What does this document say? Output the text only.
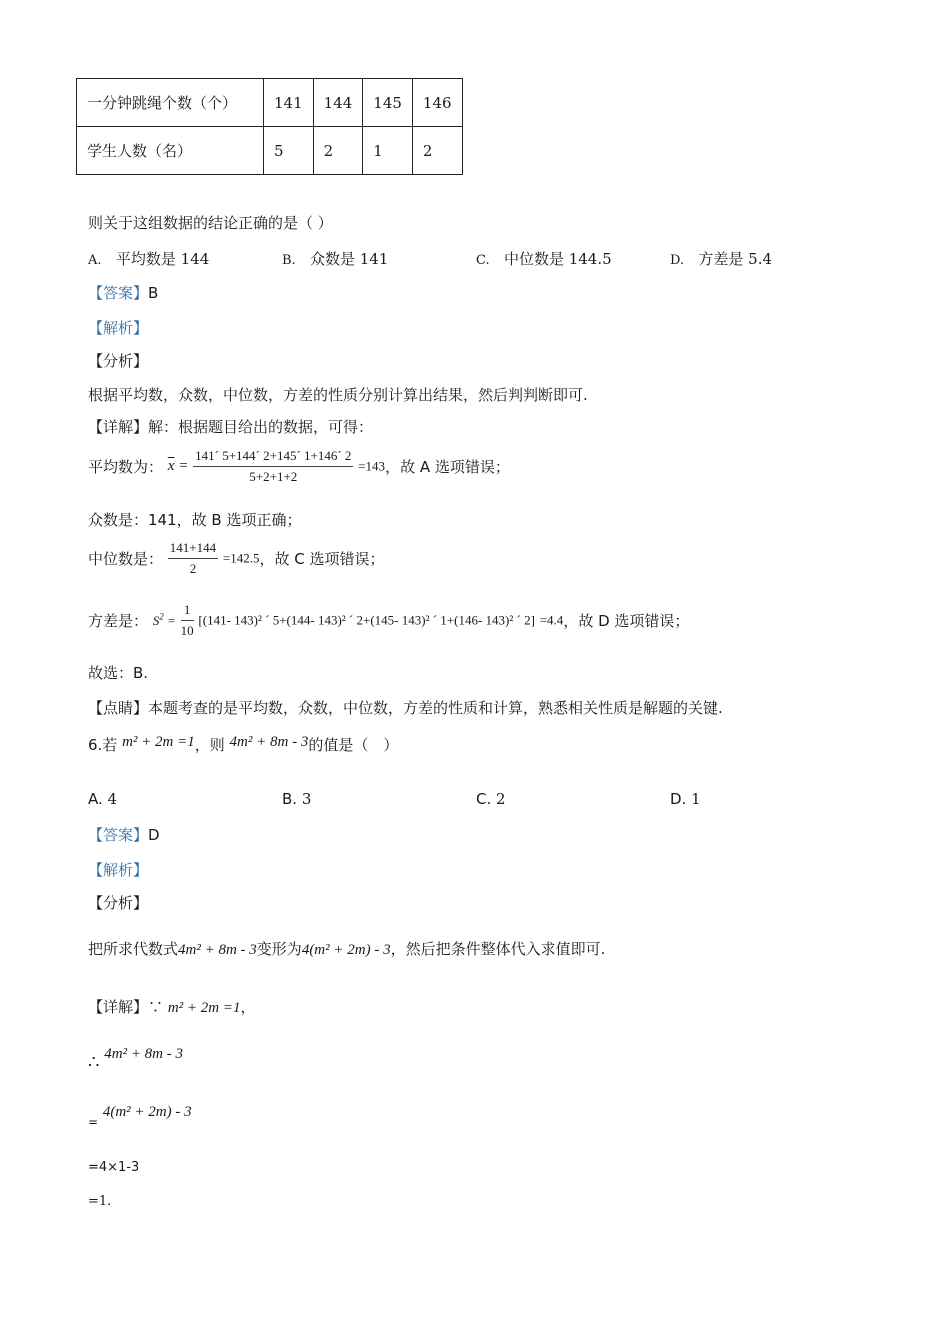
一分钟跳绳个数（个）	141	144	145	146
学生人数（名）	5	2	1	2
则关于这组数据的结论正确的是（ ）
A. 平均数是 144	B. 众数是 141	C. 中位数是 144.5	D. 方差是 5.4
【答案】B
【解析】
【分析】
根据平均数，众数，中位数，方差的性质分别计算出结果，然后判判断即可.
【详解】解：根据题目给出的数据，可得：
平均数为： $\overline{x} = \frac{141´ 5+144´ 2+145´ 1+146´ 2}{5+2+1+2} =143$，故 A 选项错误；
众数是：141，故 B 选项正确；
中位数是： $\frac{141+144}{2} =142.5$，故 C 选项错误；
方差是： $S^2 = \frac{1}{10} [(141-$ 143)² ´ 5+(144- 143)² ´ 2+(145- 143)² ´ 1+(146- 143)² ´ 2] =4.4，故 D 选项错误；
故选：B.
【点睛】本题考查的是平均数，众数，中位数，方差的性质和计算，熟悉相关性质是解题的关键.
6.若 m² + 2m =1，则 4m² + 8m - 3的值是（　）
A. 4	B. 3	C. 2	D. 1
【答案】D
【解析】
【分析】
把所求代数式4m² + 8m - 3变形为4(m² + 2m) - 3，然后把条件整体代入求值即可.
【详解】∵ m² + 2m =1，
∴ 4m² + 8m - 3
$_=$ 4(m² + 2m) - 3
=4×1-3
=1.
